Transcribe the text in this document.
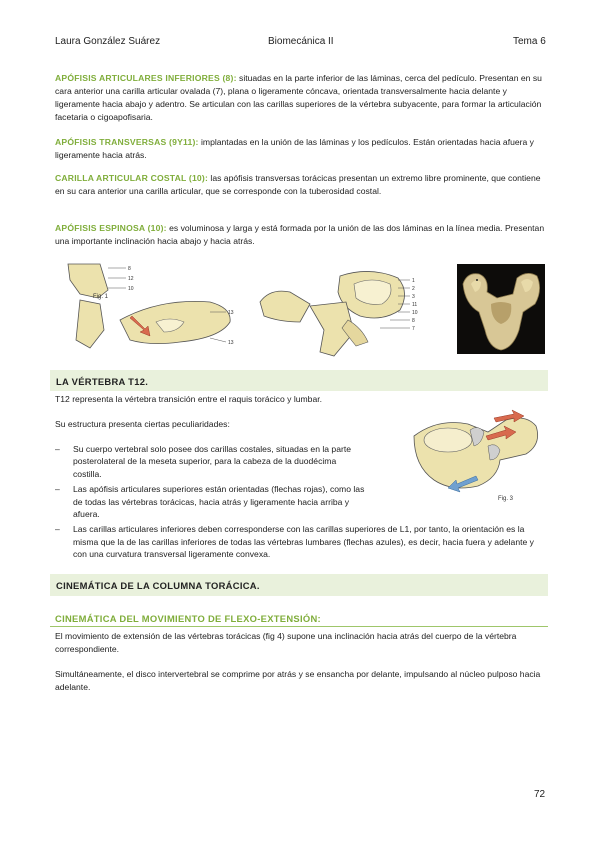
Laura González Suárez	Biomecánica II	Tema 6

APÓFISIS ARTICULARES INFERIORES (8): situadas en la parte inferior de las láminas, cerca del pedículo. Presentan en su cara anterior una carilla articular ovalada (7), plana o ligeramente cóncava, orientada transversalmente hacia delante y ligeramente hacia abajo y adentro. Se articulan con las carillas superiores de la vértebra subyacente, para formar la articulación facetaria o cigoapofisaria.

APÓFISIS TRANSVERSAS (9Y11): implantadas en la unión de las láminas y los pedículos. Están orientadas hacia afuera y ligeramente hacia atrás.

CARILLA ARTICULAR COSTAL (10): las apófisis transversas torácicas presentan un extremo libre prominente, que contiene en su cara anterior una carilla articular, que se corresponde con la tuberosidad costal.

APÓFISIS ESPINOSA (10): es voluminosa y larga y está formada por la unión de las dos láminas en la línea media. Presentan una importante inclinación hacia abajo y hacia atrás.

Fig. 1
8
12
10
13
13
1
2
3
11
10
8
7
LA VÉRTEBRA T12.

T12 representa la vértebra transición entre el raquis torácico y lumbar.

Su estructura presenta ciertas peculiaridades:

– Su cuerpo vertebral solo posee dos carillas costales, situadas en la parte posterolateral de la meseta superior, para la cabeza de la duodécima costilla.
– Las apófisis articulares superiores están orientadas (flechas rojas), como las de todas las vértebras torácicas, hacia atrás y ligeramente hacia arriba y afuera.
– Las carillas articulares inferiores deben corresponderse con las carillas superiores de L1, por tanto, la orientación es la misma que la de las carillas inferiores de todas las vértebras lumbares (flechas azules), es decir, hacia fuera y adelante y con una curvatura transversal ligeramente convexa.
Fig. 3
CINEMÁTICA DE LA COLUMNA TORÁCICA.
CINEMÁTICA DEL MOVIMIENTO DE FLEXO-EXTENSIÓN:

El movimiento de extensión de las vértebras torácicas (fig 4) supone una inclinación hacia atrás del cuerpo de la vértebra correspondiente.

Simultáneamente, el disco intervertebral se comprime por atrás y se ensancha por delante, impulsando al núcleo pulposo hacia adelante.

72
